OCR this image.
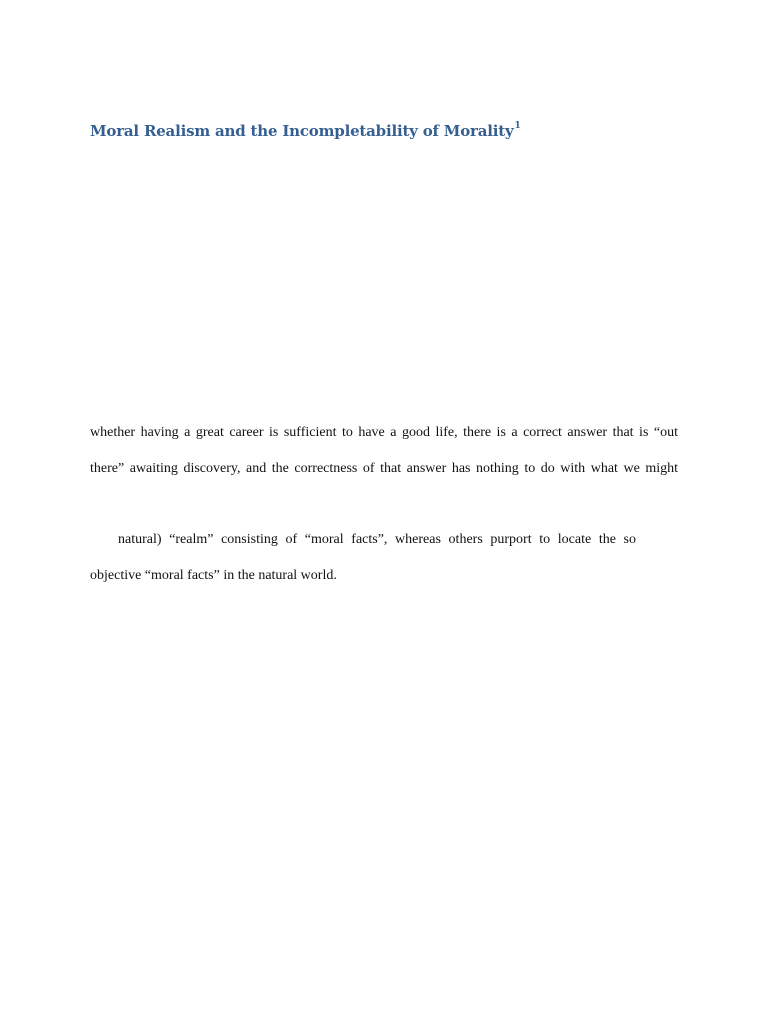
Moral Realism and the Incompletability of Morality$^1$

whether having a great career is sufficient to have a good life, there is a correct answer that is “out

there” awaiting discovery, and the correctness of that answer has nothing to do with what we might

natural) “realm” consisting of “moral facts”, whereas others purport to locate the so

objective “moral facts” in the natural world.
